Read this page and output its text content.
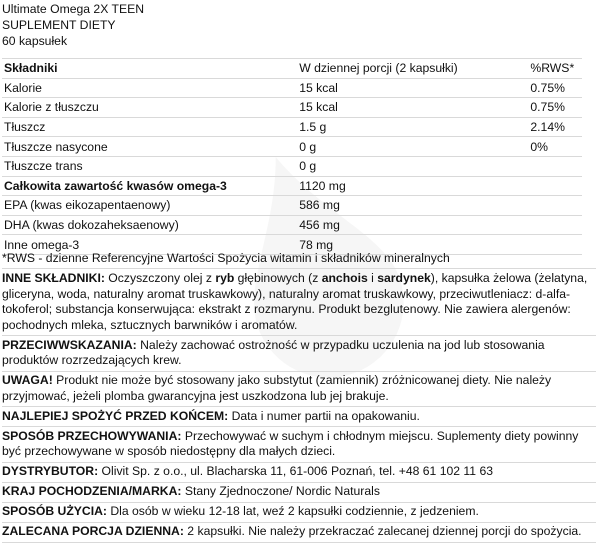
Ultimate Omega 2X TEEN
SUPLEMENT DIETY
60 kapsułek
Składniki	W dziennej porcji (2 kapsułki)	%RWS*
Kalorie	15 kcal	0.75%
Kalorie z tłuszczu	15 kcal	0.75%
Tłuszcz	1.5 g	2.14%
Tłuszcze nasycone	0 g	0%
Tłuszcze trans	0 g	
Całkowita zawartość kwasów omega-3	1120 mg	
EPA (kwas eikozapentaenowy)	586 mg	
DHA (kwas dokozaheksaenowy)	456 mg	
Inne omega-3	78 mg	
*RWS - dzienne Referencyjne Wartości Spożycia witamin i składników mineralnych
INNE SKŁADNIKI: Oczyszczony olej z ryb głębinowych (z anchois i sardynek), kapsułka żelowa (żelatyna, gliceryna, woda, naturalny aromat truskawkowy), naturalny aromat truskawkowy, przeciwutleniacz: d-alfa-tokoferol; substancja konserwująca: ekstrakt z rozmarynu. Produkt bezglutenowy. Nie zawiera alergenów: pochodnych mleka, sztucznych barwników i aromatów.
PRZECIWWSKAZANIA: Należy zachować ostrożność w przypadku uczulenia na jod lub stosowania produktów rozrzedzających krew.
UWAGA! Produkt nie może być stosowany jako substytut (zamiennik) zróżnicowanej diety. Nie należy przyjmować, jeżeli plomba gwarancyjna jest uszkodzona lub jej brakuje.
NAJLEPIEJ SPOŻYĆ PRZED KOŃCEM: Data i numer partii na opakowaniu.
SPOSÓB PRZECHOWYWANIA: Przechowywać w suchym i chłodnym miejscu. Suplementy diety powinny być przechowywane w sposób niedostępny dla małych dzieci.
DYSTRYBUTOR: Olivit Sp. z o.o., ul. Blacharska 11, 61-006 Poznań, tel. +48 61 102 11 63
KRAJ POCHODZENIA/MARKA: Stany Zjednoczone/ Nordic Naturals
SPOSÓB UŻYCIA: Dla osób w wieku 12-18 lat, weź 2 kapsułki codziennie, z jedzeniem.
ZALECANA PORCJA DZIENNA: 2 kapsułki. Nie należy przekraczać zalecanej dziennej porcji do spożycia.
